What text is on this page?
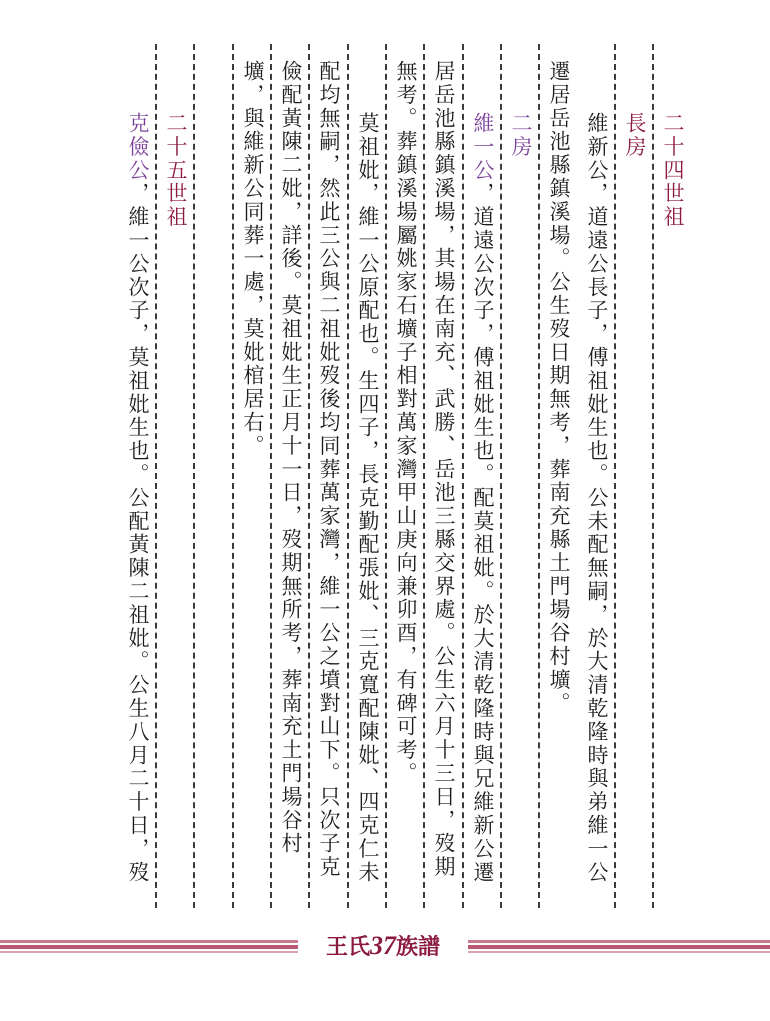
二十四世祖
長房
維新公，道遠公長子，傅祖妣生也。公未配無嗣，於大清乾隆時與弟維一公
遷居岳池縣鎮溪場。公生歿日期無考，葬南充縣土門場谷村壙。
二房
維一公，道遠公次子，傅祖妣生也。配莫祖妣。於大清乾隆時與兄維新公遷
居岳池縣鎮溪場，其場在南充、武勝、岳池三縣交界處。公生六月十三日，歿期
無考。葬鎮溪場屬姚家石壙子相對萬家灣甲山庚向兼卯酉，有碑可考。
莫祖妣，維一公原配也。生四子，長克勤配張妣、三克寬配陳妣、四克仁未
配均無嗣，然此三公與二祖妣歿後均同葬萬家灣，維一公之墳對山下。只次子克
儉配黃陳二妣，詳後。莫祖妣生正月十一日，歿期無所考，葬南充土門場谷村
壙，與維新公同葬一處，莫妣棺居右。
二十五世祖
克儉公，維一公次子，莫祖妣生也。公配黃陳二祖妣。公生八月二十日，歿
王氏37族譜
